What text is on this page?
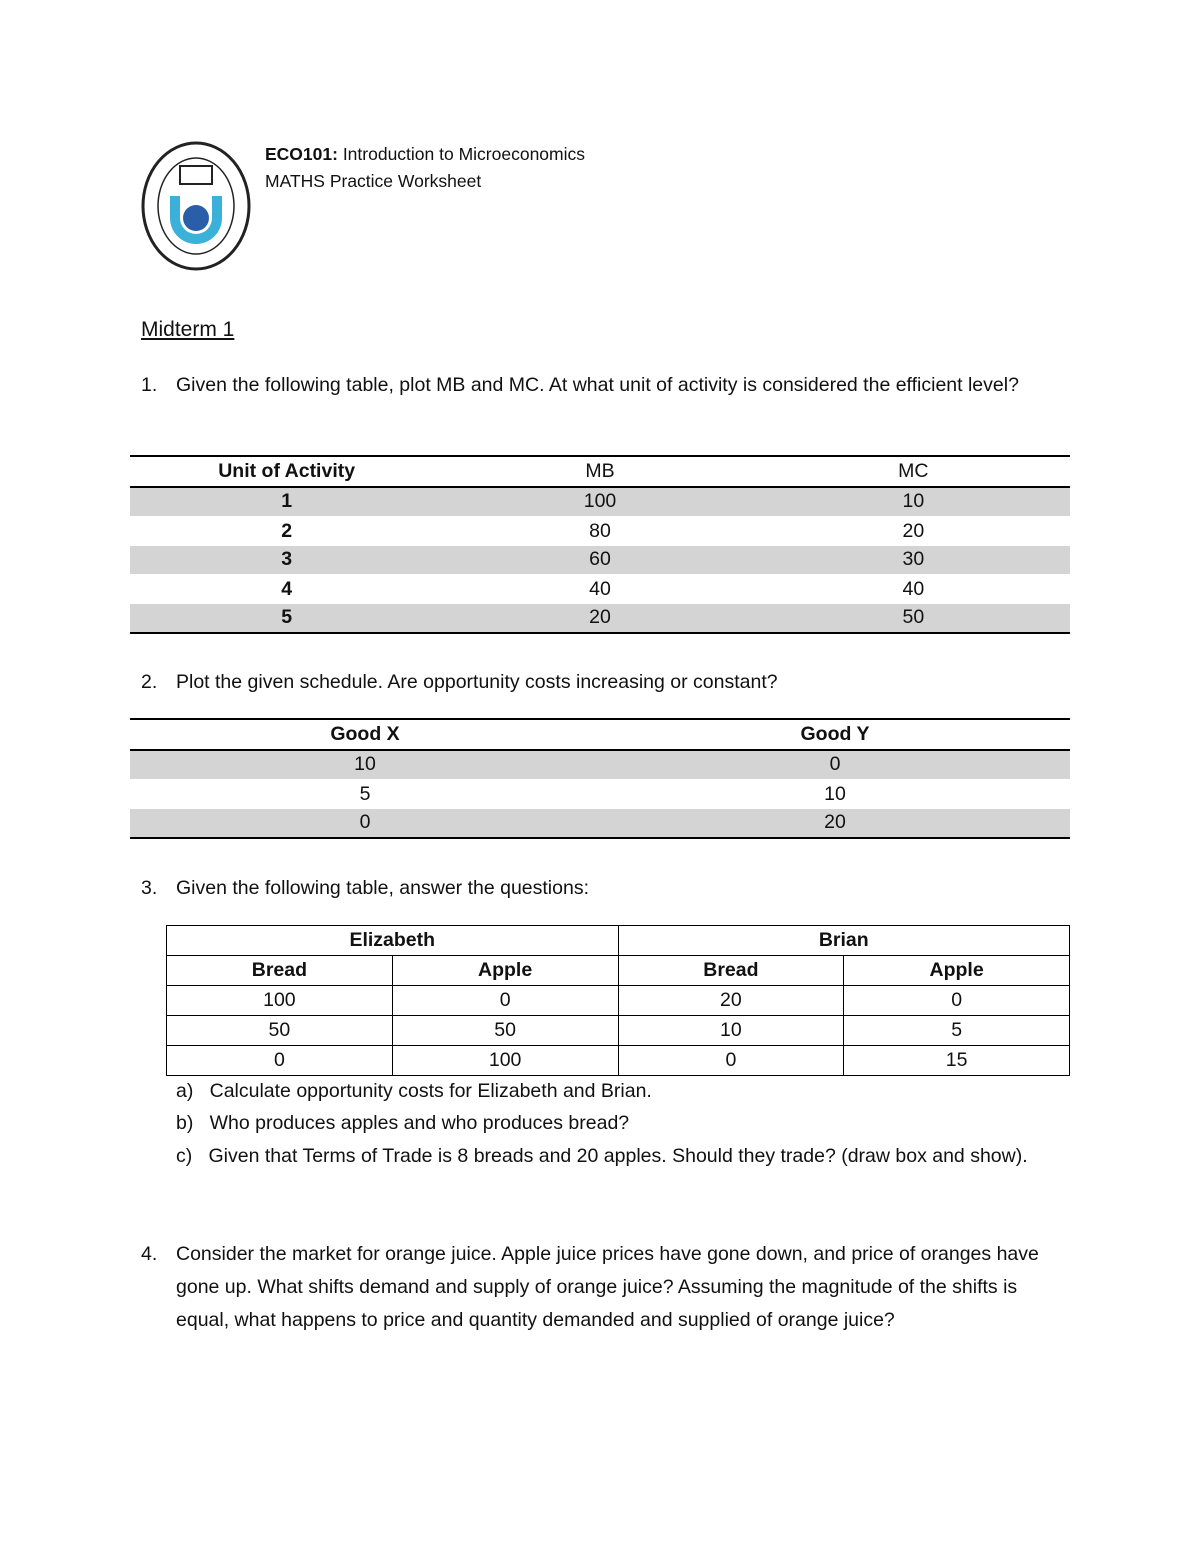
ECO101: Introduction to Microeconomics
MATHS Practice Worksheet
Midterm 1
1. Given the following table, plot MB and MC. At what unit of activity is considered the efficient level?
Unit of Activity	MB	MC
1	100	10
2	80	20
3	60	30
4	40	40
5	20	50
2. Plot the given schedule. Are opportunity costs increasing or constant?
Good X	Good Y
10	0
5	10
0	20
3. Given the following table, answer the questions:
Elizabeth		Brian	
Bread	Apple	Bread	Apple
100	0	20	0
50	50	10	5
0	100	0	15
a) Calculate opportunity costs for Elizabeth and Brian.
b) Who produces apples and who produces bread?
c) Given that Terms of Trade is 8 breads and 20 apples. Should they trade? (draw box and show).
4. Consider the market for orange juice. Apple juice prices have gone down, and price of oranges have gone up. What shifts demand and supply of orange juice? Assuming the magnitude of the shifts is equal, what happens to price and quantity demanded and supplied of orange juice?
